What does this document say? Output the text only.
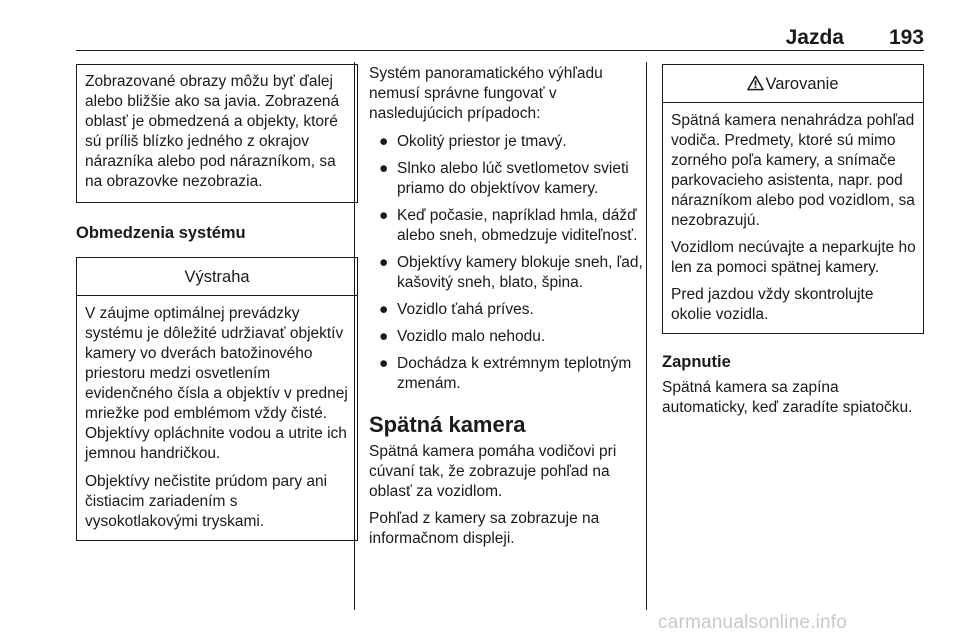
Jazda 193

Zobrazované obrazy môžu byť ďalej alebo bližšie ako sa javia. Zobrazená oblasť je obmedzená a objekty, ktoré sú príliš blízko jedného z okrajov nárazníka alebo pod nárazníkom, sa na obrazovke nezobrazia.

Obmedzenia systému
Výstraha

V záujme optimálnej prevádzky systému je dôležité udržiavať objektív kamery vo dverách batožinového priestoru medzi osvetlením evidenčného čísla a objektív v prednej mriežke pod emblémom vždy čisté. Objektívy opláchnite vodou a utrite ich jemnou handričkou.

Objektívy nečistite prúdom pary ani čistiacim zariadením s vysokotlakovými tryskami.

Systém panoramatického výhľadu nemusí správne fungovať v nasledujúcich prípadoch:

● Okolitý priestor je tmavý.
● Slnko alebo lúč svetlometov svieti priamo do objektívov kamery.
● Keď počasie, napríklad hmla, dážď alebo sneh, obmedzuje viditeľnosť.
● Objektívy kamery blokuje sneh, ľad, kašovitý sneh, blato, špina.
● Vozidlo ťahá príves.
● Vozidlo malo nehodu.
● Dochádza k extrémnym teplotným zmenám.
Spätná kamera

Spätná kamera pomáha vodičovi pri cúvaní tak, že zobrazuje pohľad na oblasť za vozidlom.

Pohľad z kamery sa zobrazuje na informačnom displeji.

Varovanie

Spätná kamera nenahrádza pohľad vodiča. Predmety, ktoré sú mimo zorného poľa kamery, a snímače parkovacieho asistenta, napr. pod nárazníkom alebo pod vozidlom, sa nezobrazujú.

Vozidlom necúvajte a neparkujte ho len za pomoci spätnej kamery.

Pred jazdou vždy skontrolujte okolie vozidla.

Zapnutie

Spätná kamera sa zapína automaticky, keď zaradíte spiatočku.

carmanualsonline.info
